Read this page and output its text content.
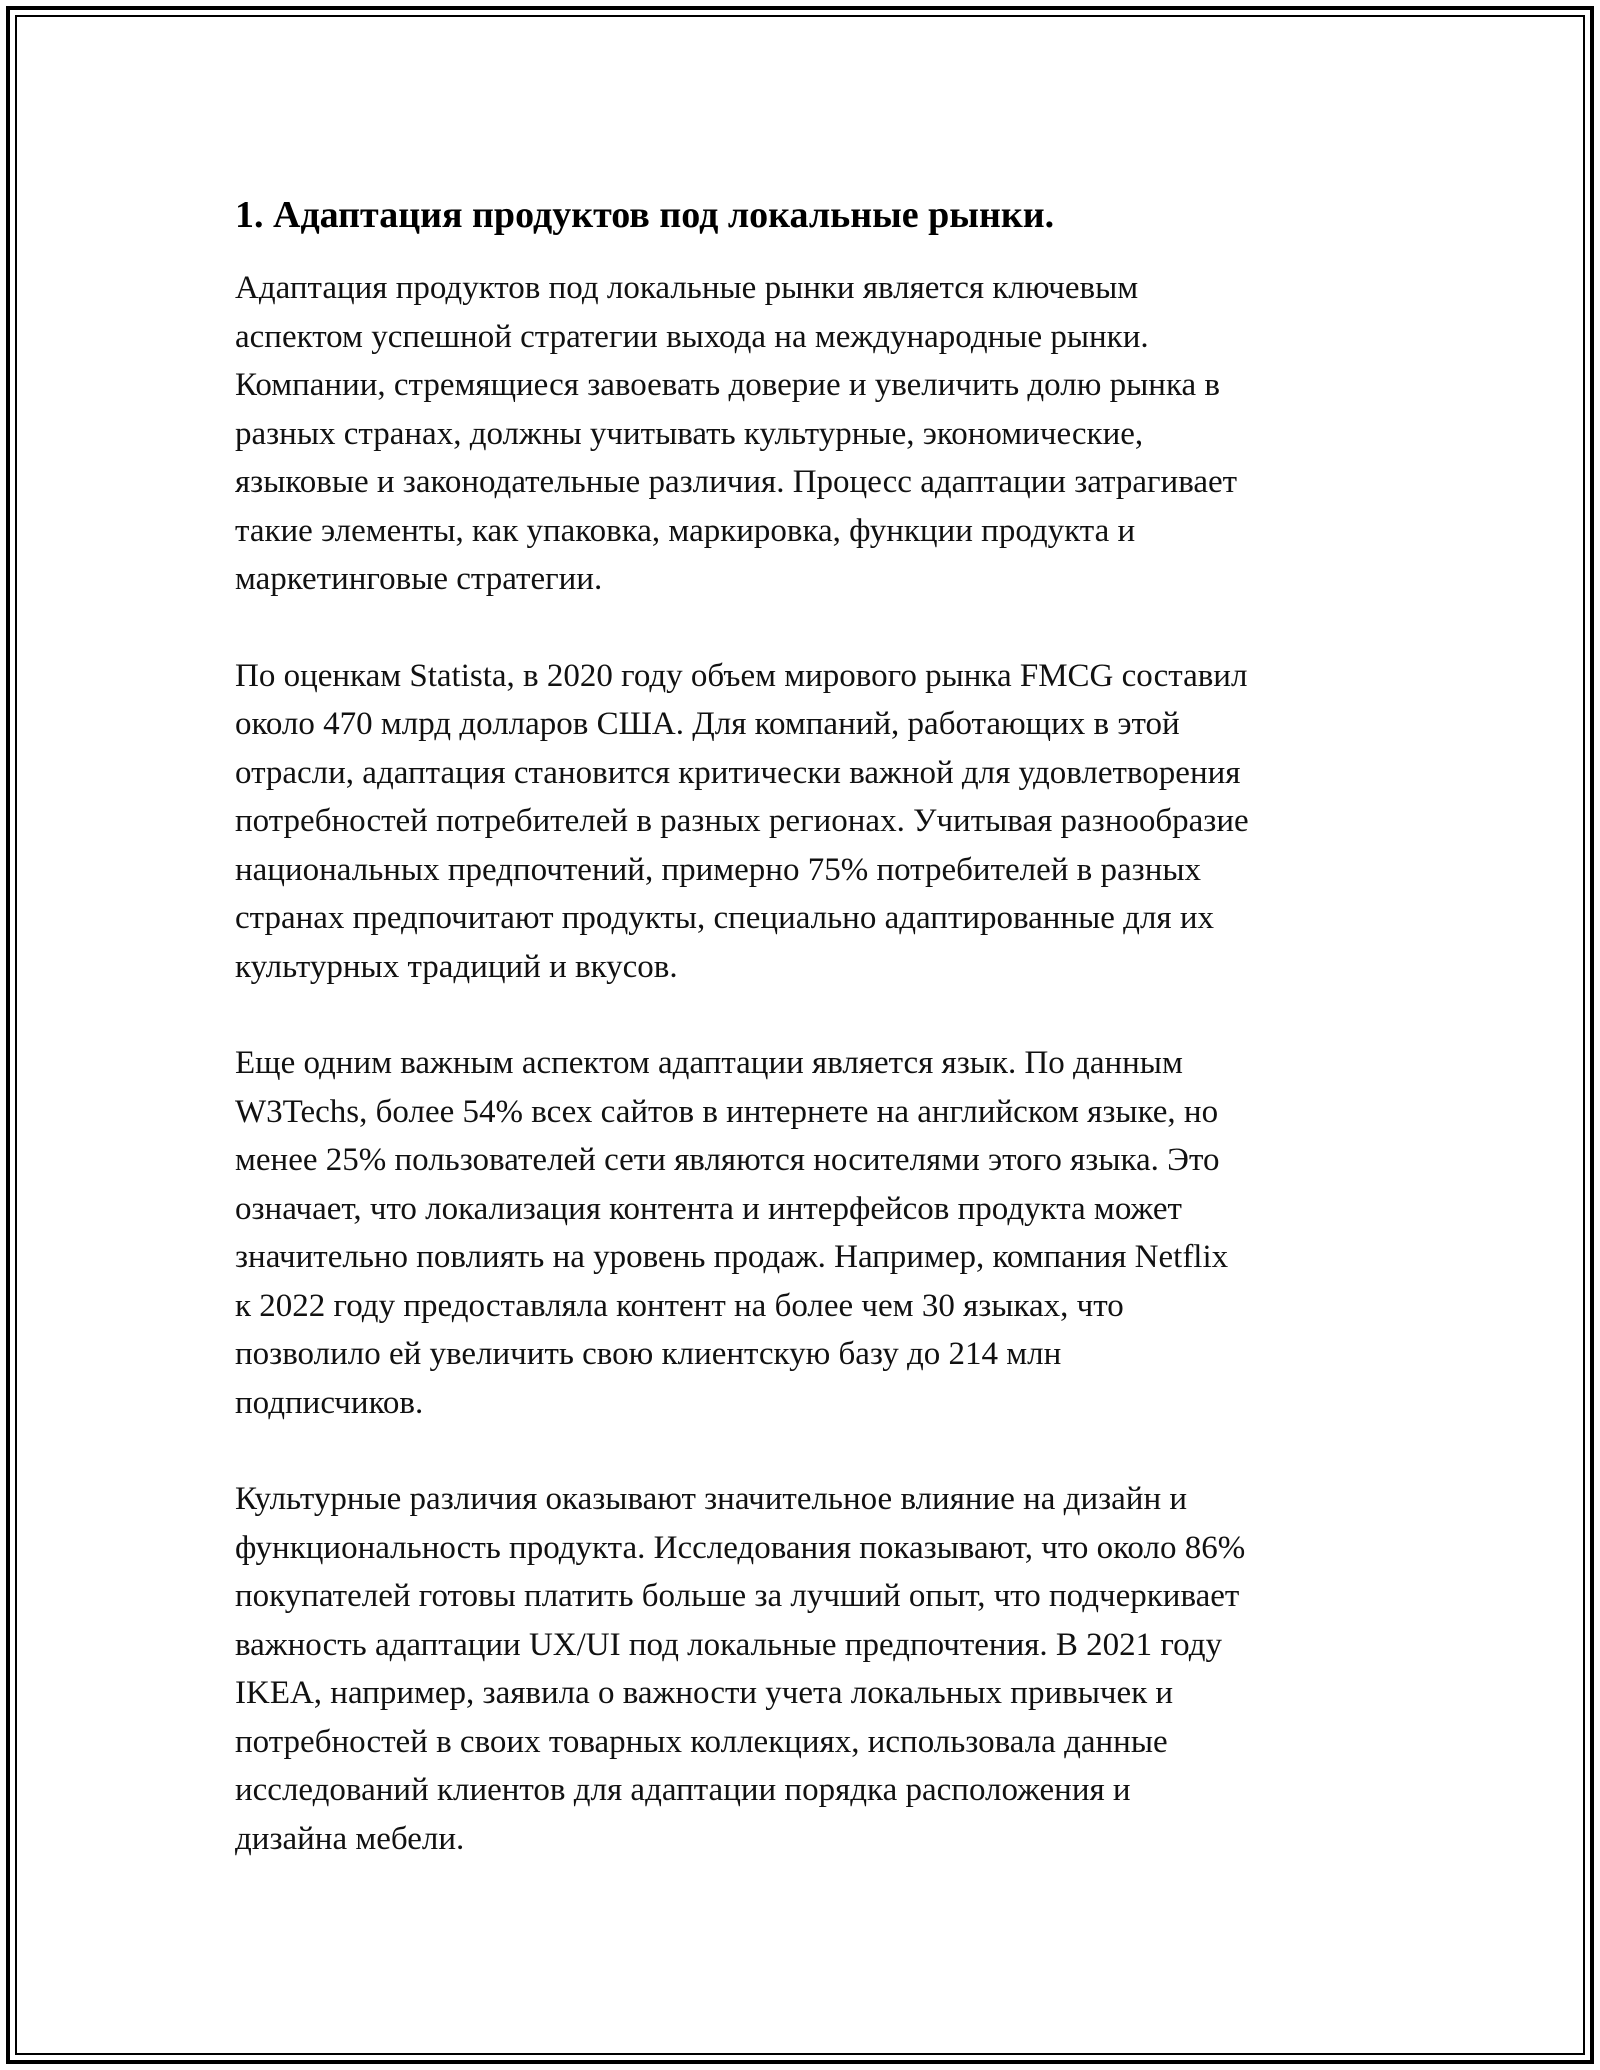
1. Адаптация продуктов под локальные рынки.

Адаптация продуктов под локальные рынки является ключевым
аспектом успешной стратегии выхода на международные рынки.
Компании, стремящиеся завоевать доверие и увеличить долю рынка в
разных странах, должны учитывать культурные, экономические,
языковые и законодательные различия. Процесс адаптации затрагивает
такие элементы, как упаковка, маркировка, функции продукта и
маркетинговые стратегии.

По оценкам Statista, в 2020 году объем мирового рынка FMCG составил
около 470 млрд долларов США. Для компаний, работающих в этой
отрасли, адаптация становится критически важной для удовлетворения
потребностей потребителей в разных регионах. Учитывая разнообразие
национальных предпочтений, примерно 75% потребителей в разных
странах предпочитают продукты, специально адаптированные для их
культурных традиций и вкусов.

Еще одним важным аспектом адаптации является язык. По данным
W3Techs, более 54% всех сайтов в интернете на английском языке, но
менее 25% пользователей сети являются носителями этого языка. Это
означает, что локализация контента и интерфейсов продукта может
значительно повлиять на уровень продаж. Например, компания Netflix
к 2022 году предоставляла контент на более чем 30 языках, что
позволило ей увеличить свою клиентскую базу до 214 млн
подписчиков.

Культурные различия оказывают значительное влияние на дизайн и
функциональность продукта. Исследования показывают, что около 86%
покупателей готовы платить больше за лучший опыт, что подчеркивает
важность адаптации UX/UI под локальные предпочтения. В 2021 году
IKEA, например, заявила о важности учета локальных привычек и
потребностей в своих товарных коллекциях, использовала данные
исследований клиентов для адаптации порядка расположения и
дизайна мебели.
